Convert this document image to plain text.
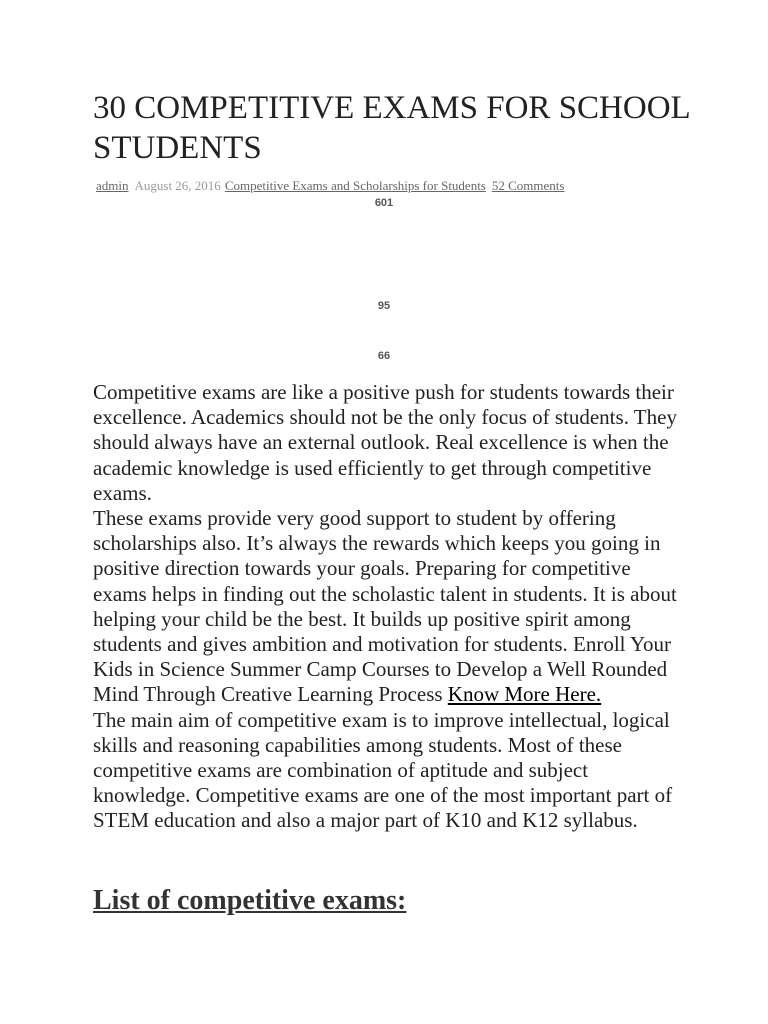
30 COMPETITIVE EXAMS FOR SCHOOL STUDENTS
admin August 26, 2016 Competitive Exams and Scholarships for Students 52 Comments
601
95
66

Competitive exams are like a positive push for students towards their excellence. Academics should not be the only focus of students. They should always have an external outlook. Real excellence is when the academic knowledge is used efficiently to get through competitive exams.

These exams provide very good support to student by offering scholarships also. It’s always the rewards which keeps you going in positive direction towards your goals. Preparing for competitive exams helps in finding out the scholastic talent in students. It is about helping your child be the best. It builds up positive spirit among students and gives ambition and motivation for students. Enroll Your Kids in Science Summer Camp Courses to Develop a Well Rounded Mind Through Creative Learning Process Know More Here.

The main aim of competitive exam is to improve intellectual, logical skills and reasoning capabilities among students. Most of these competitive exams are combination of aptitude and subject knowledge. Competitive exams are one of the most important part of STEM education and also a major part of K10 and K12 syllabus.

List of competitive exams:
